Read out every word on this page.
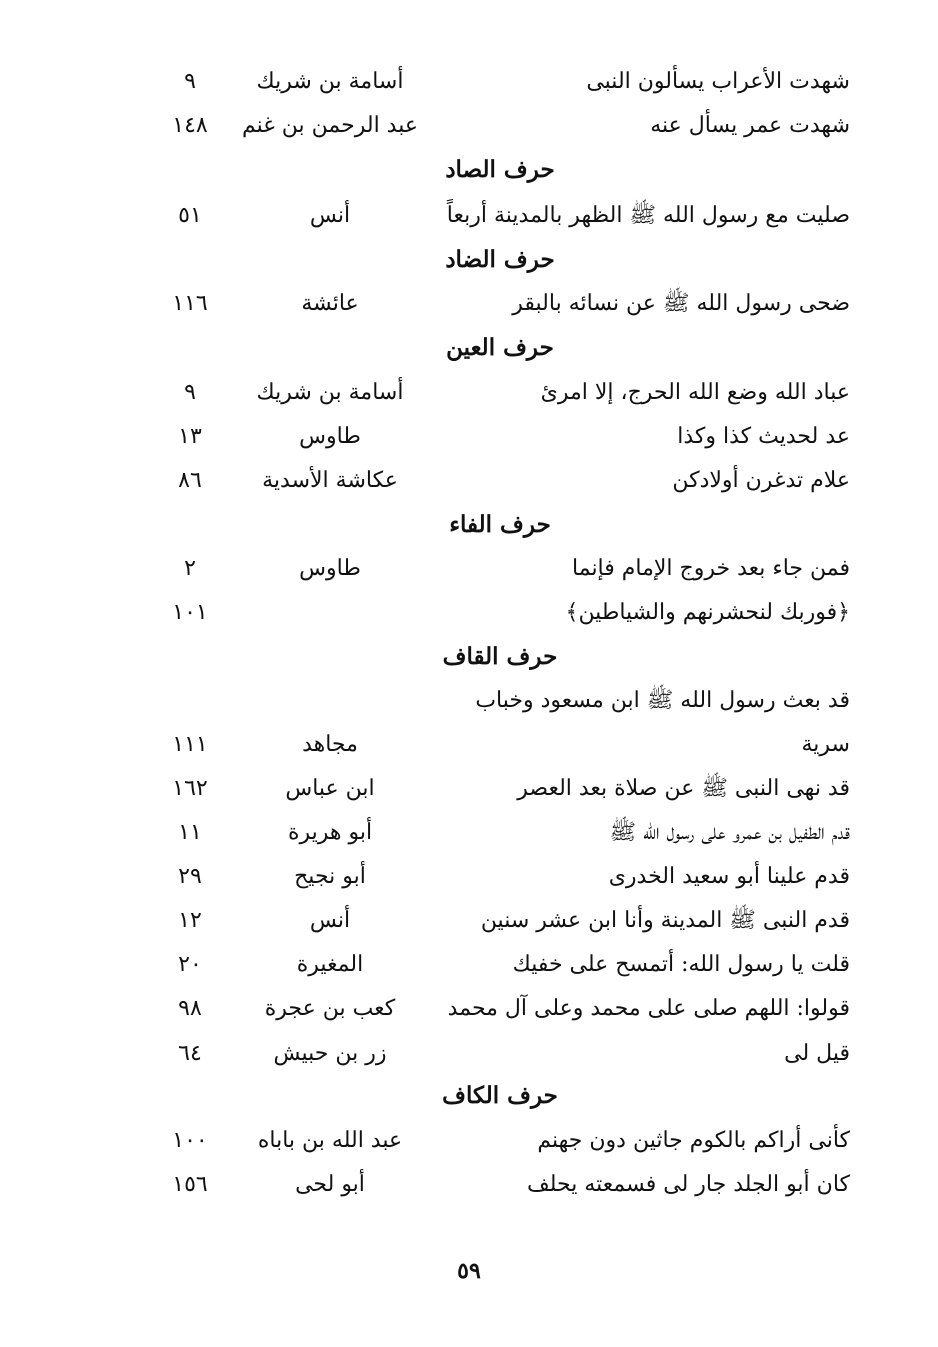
شهدت الأعراب يسألون النبى
أسامة بن شريك
٩
شهدت عمر يسأل عنه
عبد الرحمن بن غنم
١٤٨
حرف الصاد
صليت مع رسول الله ﷺ الظهر بالمدينة أربعاً
أنس
٥١
حرف الضاد
ضحى رسول الله ﷺ عن نسائه بالبقر
عائشة
١١٦
حرف العين
عباد الله وضع الله الحرج، إلا امرئ
أسامة بن شريك
٩
عد لحديث كذا وكذا
طاوس
١٣
علام تدغرن أولادكن
عكاشة الأسدية
٨٦
حرف الفاء
فمن جاء بعد خروج الإمام فإنما
طاوس
٢
﴿فوربك لنحشرنهم والشياطين﴾
١٠١
حرف القاف
قد بعث رسول الله ﷺ ابن مسعود وخباب
سرية
مجاهد
١١١
قد نهى النبى ﷺ عن صلاة بعد العصر
ابن عباس
١٦٢
قدم الطفيل بن عمرو على رسول الله ﷺ
أبو هريرة
١١
قدم علينا أبو سعيد الخدرى
أبو نجيح
٢٩
قدم النبى ﷺ المدينة وأنا ابن عشر سنين
أنس
١٢
قلت يا رسول الله: أتمسح على خفيك
المغيرة
٢٠
قولوا: اللهم صلى على محمد وعلى آل محمد
كعب بن عجرة
٩٨
قيل لى
زر بن حبيش
٦٤
حرف الكاف
كأنى أراكم بالكوم جاثين دون جهنم
عبد الله بن باباه
١٠٠
كان أبو الجلد جار لى فسمعته يحلف
أبو لحى
١٥٦
٥٩
